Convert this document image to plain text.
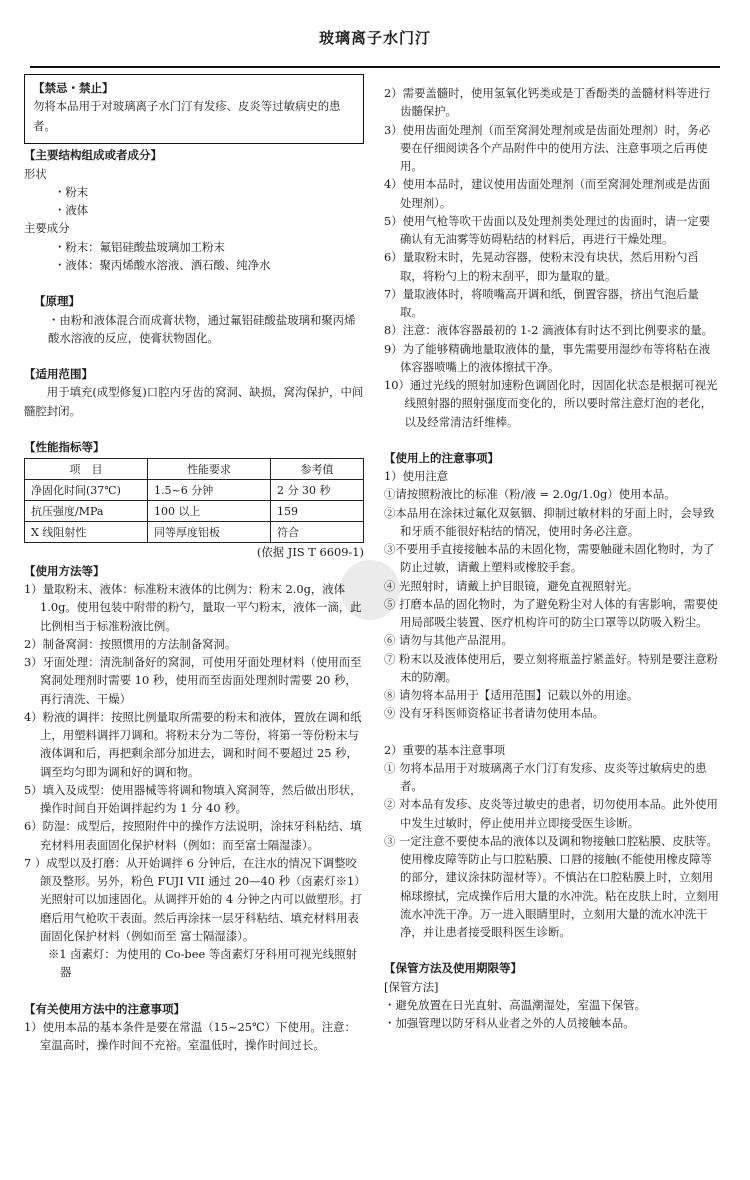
玻璃离子水门汀

【禁忌・禁止】

勿将本品用于对玻璃离子水门汀有发疹、皮炎等过敏病史的患者。

【主要结构组成或者成分】

形状

・粉末

・液体

主要成分

・粉末：氟铝硅酸盐玻璃加工粉末

・液体：聚丙烯酸水溶液、酒石酸、纯净水

【原理】

・由粉和液体混合而成膏状物，通过氟铝硅酸盐玻璃和聚丙烯酸水溶液的反应，使膏状物固化。

【适用范围】

用于填充(成型修复)口腔内牙齿的窝洞、缺损，窝沟保护，中间髓腔封闭。

【性能指标等】

项　目	性能要求	参考值
净固化时间(37℃)	1.5~6 分钟	2 分 30 秒
抗压强度/MPa	100 以上	159
X 线阻射性	同等厚度铝板	符合

(依据 JIS T 6609-1)

【使用方法等】

1）量取粉末、液体：标准粉末液体的比例为：粉末 2.0g，液体 1.0g。使用包装中附带的粉勺，量取一平勺粉末，液体一滴，此比例相当于标准粉液比例。

2）制备窝洞：按照惯用的方法制备窝洞。

3）牙面处理：清洗制备好的窝洞，可使用牙面处理材料（使用而至窝洞处理剂时需要 10 秒，使用而至齿面处理剂时需要 20 秒，再行清洗、干燥）

4）粉液的调拌：按照比例量取所需要的粉末和液体，置放在调和纸上，用塑料调拌刀调和。将粉末分为二等份，将第一等份粉末与液体调和后，再把剩余部分加进去，调和时间不要超过 25 秒，调至均匀即为调和好的调和物。

5）填入及成型：使用器械等将调和物填入窝洞等，然后做出形状，操作时间自开始调拌起约为 1 分 40 秒。

6）防湿：成型后，按照附件中的操作方法说明，涂抹牙科粘结、填充材料用表面固化保护材料（例如：而至富士隔湿漆）。

7 ）成型以及打磨：从开始调拌 6 分钟后，在注水的情况下调整咬颌及整形。另外，粉色 FUJI VII 通过 20—40 秒（卤素灯※1）光照射可以加速固化。从调拌开始的 4 分钟之内可以做塑形。打磨后用气枪吹干表面。然后再涂抹一层牙科粘结、填充材料用表面固化保护材料（例如而至 富士隔湿漆）。

※1 卤素灯：为使用的 Co-bee 等卤素灯牙科用可视光线照射器

【有关使用方法中的注意事项】

1）使用本品的基本条件是要在常温（15~25℃）下使用。注意：室温高时，操作时间不充裕。室温低时，操作时间过长。

2）需要盖髓时，使用氢氧化钙类或是丁香酚类的盖髓材料等进行齿髓保护。

3）使用齿面处理剂（而至窝洞处理剂或是齿面处理剂）时，务必要在仔细阅读各个产品附件中的使用方法、注意事项之后再使用。

4）使用本品时，建议使用齿面处理剂（而至窝洞处理剂或是齿面处理剂）。

5）使用气枪等吹干齿面以及处理剂类处理过的齿面时，请一定要确认有无油雾等妨碍粘结的材料后，再进行干燥处理。

6）量取粉末时，先晃动容器，使粉末没有块状，然后用粉勺舀取，将粉勺上的粉末刮平，即为量取的量。

7）量取液体时，将喷嘴高开调和纸，倒置容器，挤出气泡后量取。

8）注意：液体容器最初的 1-2 滴液体有时达不到比例要求的量。

9）为了能够精确地量取液体的量，事先需要用湿纱布等将粘在液体容器喷嘴上的液体擦拭干净。

10）通过光线的照射加速粉色调固化时，因固化状态是根据可视光线照射器的照射强度而变化的，所以要时常注意灯泡的老化，以及经常清洁纤维棒。

【使用上的注意事项】

1）使用注意

①请按照粉液比的标准（粉/液 = 2.0g/1.0g）使用本品。

②本品用在涂抹过氟化双氨铟、抑制过敏材料的牙面上时，会导致和牙质不能很好粘结的情况，使用时务必注意。

③不要用手直接接触本品的未固化物，需要触碰未固化物时，为了防止过敏，请戴上塑料或橡胶手套。

④ 光照射时，请戴上护目眼镜，避免直视照射光。

⑤ 打磨本品的固化物时，为了避免粉尘对人体的有害影响，需要使用局部吸尘装置、医疗机构许可的防尘口罩等以防吸入粉尘。

⑥ 请勿与其他产品混用。

⑦ 粉末以及液体使用后，要立刻将瓶盖拧紧盖好。特别是要注意粉末的防潮。

⑧ 请勿将本品用于【适用范围】记载以外的用途。

⑨ 没有牙科医师资格证书者请勿使用本品。

2）重要的基本注意事项

① 勿将本品用于对玻璃离子水门汀有发疹、皮炎等过敏病史的患者。

② 对本品有发疹、皮炎等过敏史的患者，切勿使用本品。此外使用中发生过敏时，停止使用并立即接受医生诊断。

③ 一定注意不要使本品的液体以及调和物接触口腔粘膜、皮肤等。使用橡皮障等防止与口腔粘膜、口唇的接触(不能使用橡皮障等的部分，建议涂抹防湿材等）。不慎沾在口腔粘膜上时，立刻用棉球擦拭，完成操作后用大量的水冲洗。粘在皮肤上时，立刻用流水冲洗干净。万一进入眼睛里时，立刻用大量的流水冲洗干净，并让患者接受眼科医生诊断。

【保管方法及使用期限等】

[保管方法]

・避免放置在日光直射、高温潮湿处，室温下保管。

・加强管理以防牙科从业者之外的人员接触本品。
